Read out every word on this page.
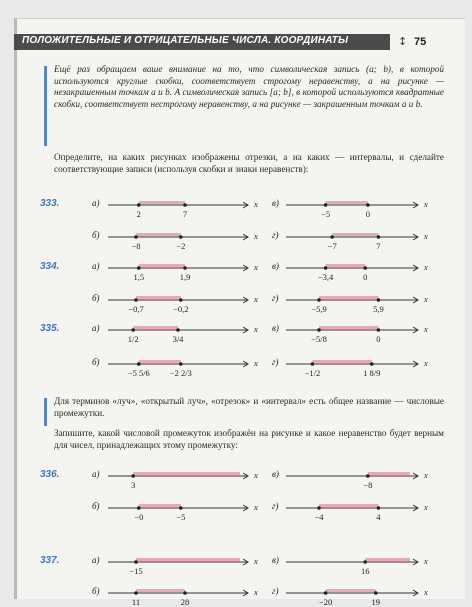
ПОЛОЖИТЕЛЬНЫЕ И ОТРИЦАТЕЛЬНЫЕ ЧИСЛА. КООРДИНАТЫ	↕ 75
Ещё раз обращаем ваше внимание на то, что символическая запись (a; b), в которой используются круглые скобки, соответствует строгому неравенству, а на рисунке — незакрашенным точкам a и b. А символическая запись [a; b], в которой используются квадратные скобки, соответствует нестрогому неравенству, а на рисунке — закрашенным точкам a и b.
Определите, на каких рисунках изображены отрезки, а на каких — интервалы, и сделайте соответствующие записи (используя скобки и знаки неравенств):
Для терминов «луч», «открытый луч», «отрезок» и «интервал» есть общее название — числовые промежутки.
Запишите, какой числовой промежуток изображён на рисунке и какое неравенство будет верным для чисел, принадлежащих этому промежутку:
333.	а)
2	7
x в)
−5	0
x
б)
−8	−2
x г)
−7	7
x
334.	а)
1,5	1,9
x в)
−3,4	0
x
б)
−0,7	−0,2
x г)
−5,9	5,9
x
335.	а)
1/2	3/4
x в)
−5/8	0
x
б)
−5 5/6 −2 2/3
x г)
−1/2	1 8/9
x
336.	а)
3
x в)
−8
x
б)
−0	−5
x г)
−4	4
x
337.	а)
−15
x в)
16
x
б)
11	28
x г)
−20	19
x
